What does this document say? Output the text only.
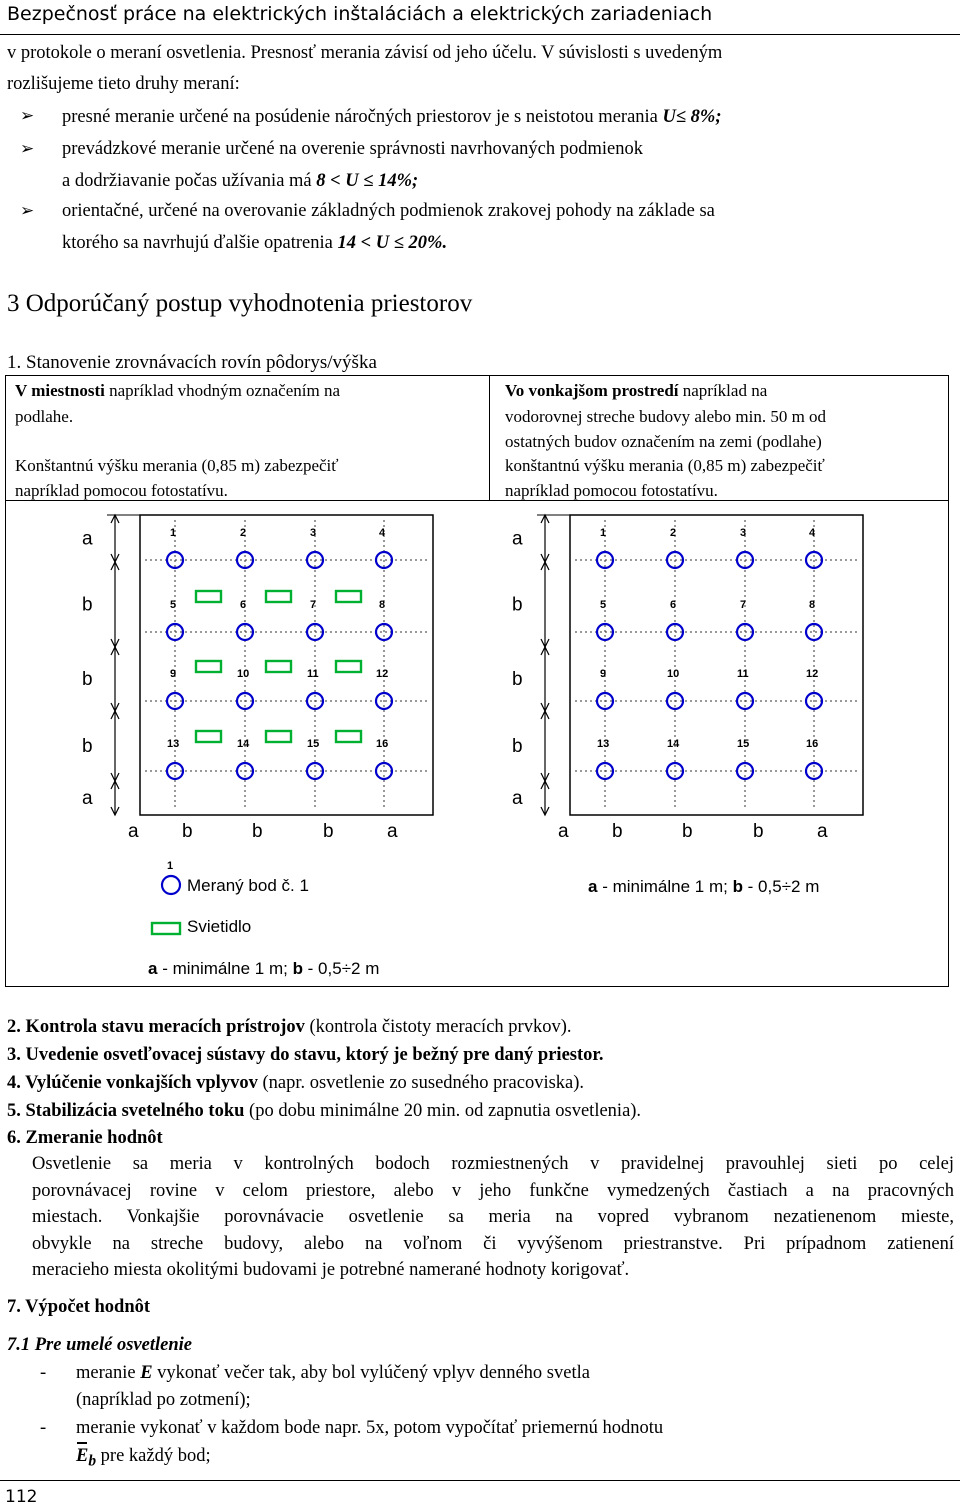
Bezpečnosť práce na elektrických inštaláciách a elektrických zariadeniach
v protokole o meraní osvetlenia. Presnosť merania závisí od jeho účelu. V súvislosti s uvedeným
rozlišujeme tieto druhy meraní:
➢ presné meranie určené na posúdenie náročných priestorov je s neistotou merania U≤ 8%;
➢ prevádzkové meranie určené na overenie správnosti navrhovaných podmienok
a dodržiavanie počas užívania má 8 < U ≤ 14%;
➢ orientačné, určené na overovanie základných podmienok zrakovej pohody na základe sa
ktorého sa navrhujú ďalšie opatrenia 14 < U ≤ 20%.
3 Odporúčaný postup vyhodnotenia priestorov
1. Stanovenie zrovnávacích rovín pôdorys/výška
V miestnosti napríklad vhodným označením na
podlahe.
Konštantnú výšku merania (0,85 m) zabezpečiť
napríklad pomocou fotostatívu.
Vo vonkajšom prostredí napríklad na
vodorovnej streche budovy alebo min. 50 m od
ostatných budov označením na zemi (podlahe)
konštantnú výšku merania (0,85 m) zabezpečiť
napríklad pomocou fotostatívu.
a
b
b
b
a
a b	b	b	a
1	2	3	4
5	6	7	8
9	10	11	12
13	14	15	16
a
b
b
b
a
a b	b	b	a
1	2	3	4
5	6	7	8
9	10	11	12
13	14	15	16
1
Meraný bod č. 1
Svietidlo
a - minimálne 1 m; b - 0,5÷2 m
a - minimálne 1 m; b - 0,5÷2 m
2. Kontrola stavu meracích prístrojov (kontrola čistoty meracích prvkov).
3. Uvedenie osvetľovacej sústavy do stavu, ktorý je bežný pre daný priestor.
4. Vylúčenie vonkajších vplyvov (napr. osvetlenie zo susedného pracoviska).
5. Stabilizácia svetelného toku (po dobu minimálne 20 min. od zapnutia osvetlenia).
6. Zmeranie hodnôt
Osvetlenie sa meria v kontrolných bodoch rozmiestnených v pravidelnej pravouhlej sieti po celej
porovnávacej rovine v celom priestore, alebo v jeho funkčne vymedzených častiach a na pracovných
miestach. Vonkajšie porovnávacie osvetlenie sa meria na vopred vybranom nezatienenom mieste,
obvykle na streche budovy, alebo na voľnom či vyvýšenom priestranstve. Pri prípadnom zatienení
meracieho miesta okolitými budovami je potrebné namerané hodnoty korigovať.
7. Výpočet hodnôt
7.1 Pre umelé osvetlenie
- meranie E vykonať večer tak, aby bol vylúčený vplyv denného svetla
(napríklad po zotmení);
- meranie vykonať v každom bode napr. 5x, potom vypočítať priemernú hodnotu
$E_b$ pre každý bod;
112
